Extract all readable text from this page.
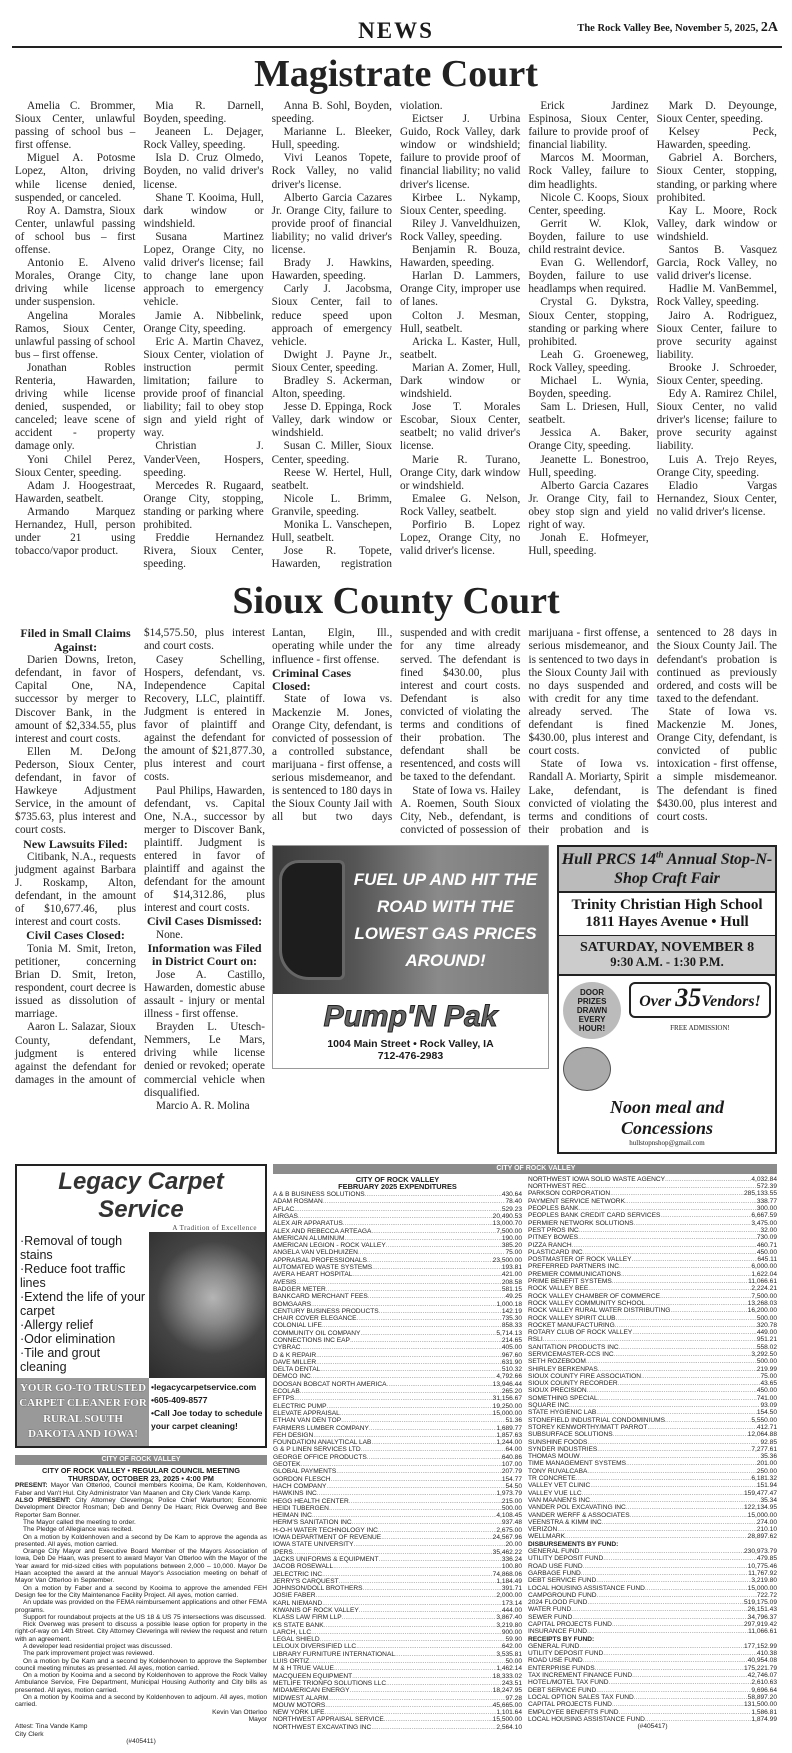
NEWS	The Rock Valley Bee, November 5, 2025, 2A
Magistrate Court

Amelia C. Brommer, Sioux Center, unlawful passing of school bus – first offense.

Miguel A. Potosme Lopez, Alton, driving while license denied, suspended, or canceled.

Roy A. Damstra, Sioux Center, unlawful passing of school bus – first offense.

Antonio E. Alveno Morales, Orange City, driving while license under suspension.

Angelina Morales Ramos, Sioux Center, unlawful passing of school bus – first offense.

Jonathan Robles Renteria, Hawarden, driving while license denied, suspended, or canceled; leave scene of accident - property damage only.

Yoni Chilel Perez, Sioux Center, speeding.

Adam J. Hoogestraat, Hawarden, seatbelt.

Armando Marquez Hernandez, Hull, person under 21 using tobacco/vapor product.

Mia R. Darnell, Boyden, speeding.

Jeaneen L. Dejager, Rock Valley, speeding.

Isla D. Cruz Olmedo, Boyden, no valid driver's license.

Shane T. Kooima, Hull, dark window or windshield.

Susana Martinez Lopez, Orange City, no valid driver's license; fail to change lane upon approach to emergency vehicle.

Jamie A. Nibbelink, Orange City, speeding.

Eric A. Martin Chavez, Sioux Center, violation of instruction permit limitation; failure to provide proof of financial liability; fail to obey stop sign and yield right of way.

Christian J. VanderVeen, Hospers, speeding.

Mercedes R. Rugaard, Orange City, stopping, standing or parking where prohibited.

Freddie Hernandez Rivera, Sioux Center, speeding.

Anna B. Sohl, Boyden, speeding.

Marianne L. Bleeker, Hull, speeding.

Vivi Leanos Topete, Rock Valley, no valid driver's license.

Alberto Garcia Cazares Jr. Orange City, failure to provide proof of financial liability; no valid driver's license.

Brady J. Hawkins, Hawarden, speeding.

Carly J. Jacobsma, Sioux Center, fail to reduce speed upon approach of emergency vehicle.

Dwight J. Payne Jr., Sioux Center, speeding.

Bradley S. Ackerman, Alton, speeding.

Jesse D. Eppinga, Rock Valley, dark window or windshield.

Susan C. Miller, Sioux Center, speeding.

Reese W. Hertel, Hull, seatbelt.

Nicole L. Brimm, Granvile, speeding.

Monika L. Vanschepen, Hull, seatbelt.

Jose R. Topete, Hawarden, registration violation.

Eictser J. Urbina Guido, Rock Valley, dark window or windshield; failure to provide proof of financial liability; no valid driver's license.

Kirbee L. Nykamp, Sioux Center, speeding.

Riley J. Vanveldhuizen, Rock Valley, speeding.

Benjamin R. Bouza, Hawarden, speeding.

Harlan D. Lammers, Orange City, improper use of lanes.

Colton J. Mesman, Hull, seatbelt.

Aricka L. Kaster, Hull, seatbelt.

Marian A. Zomer, Hull, Dark window or windshield.

Jose T. Morales Escobar, Sioux Center, seatbelt; no valid driver's license.

Marie R. Turano, Orange City, dark window or windshield.

Emalee G. Nelson, Rock Valley, seatbelt.

Porfirio B. Lopez Lopez, Orange City, no valid driver's license.

Erick Jardinez Espinosa, Sioux Center, failure to provide proof of financial liability.

Marcos M. Moorman, Rock Valley, failure to dim headlights.

Nicole C. Koops, Sioux Center, speeding.

Gerrit W. Klok, Boyden, failure to use child restraint device.

Evan G. Wellendorf, Boyden, failure to use headlamps when required.

Crystal G. Dykstra, Sioux Center, stopping, standing or parking where prohibited.

Leah G. Groeneweg, Rock Valley, speeding.

Michael L. Wynia, Boyden, speeding.

Sam L. Driesen, Hull, seatbelt.

Jessica A. Baker, Orange City, speeding.

Jeanette L. Bonestroo, Hull, speeding.

Alberto Garcia Cazares Jr. Orange City, fail to obey stop sign and yield right of way.

Jonah E. Hofmeyer, Hull, speeding.

Mark D. Deyounge, Sioux Center, speeding.

Kelsey Peck, Hawarden, speeding.

Gabriel A. Borchers, Sioux Center, stopping, standing, or parking where prohibited.

Kay L. Moore, Rock Valley, dark window or windshield.

Santos B. Vasquez Garcia, Rock Valley, no valid driver's license.

Hadlie M. VanBemmel, Rock Valley, speeding.

Jairo A. Rodriguez, Sioux Center, failure to prove security against liability.

Brooke J. Schroeder, Sioux Center, speeding.

Edy A. Ramirez Chilel, Sioux Center, no valid driver's license; failure to prove security against liability.

Luis A. Trejo Reyes, Orange City, speeding.

Eladio Vargas Hernandez, Sioux Center, no valid driver's license.

Sioux County Court
Filed in Small Claims Against:

Darien Downs, Ireton, defendant, in favor of Capital One, NA, successor by merger to Discover Bank, in the amount of $2,334.55, plus interest and court costs.

Ellen M. DeJong Pederson, Sioux Center, defendant, in favor of Hawkeye Adjustment Service, in the amount of $735.63, plus interest and court costs.

New Lawsuits Filed:

Citibank, N.A., requests judgment against Barbara J. Roskamp, Alton, defendant, in the amount of $10,677.46, plus interest and court costs.

Civil Cases Closed:

Tonia M. Smit, Ireton, petitioner, concerning Brian D. Smit, Ireton, respondent, court decree is issued as dissolution of marriage.

Aaron L. Salazar, Sioux County, defendant, judgment is entered against the defendant for damages in the amount of $14,575.50, plus interest and court costs.

Casey Schelling, Hospers, defendant, vs. Independence Capital Recovery, LLC, plaintiff. Judgment is entered in favor of plaintiff and against the defendant for the amount of $21,877.30, plus interest and court costs.

Paul Philips, Hawarden, defendant, vs. Capital One, N.A., successor by merger to Discover Bank, plaintiff. Judgment is entered in favor of plaintiff and against the defendant for the amount of $14,312.86, plus interest and court costs.

Civil Cases Dismissed:

None.

Information was Filed in District Court on:

Jose A. Castillo, Hawarden, domestic abuse assault - injury or mental illness - first offense.

Brayden L. Utesch-Nemmers, Le Mars, driving while license denied or revoked; operate commercial vehicle when disqualified.

Marcio A. R. Molina

Lantan, Elgin, Ill., operating while under the influence - first offense.

Criminal Cases Closed:

State of Iowa vs. Mackenzie M. Jones, Orange City, defendant, is convicted of possession of a controlled substance, marijuana - first offense, a serious misdemeanor, and is sentenced to 180 days in the Sioux County Jail with all but two days suspended and with credit for any time already served. The defendant is fined $430.00, plus interest and court costs. Defendant is also convicted of violating the terms and conditions of their probation. The defendant shall be resentenced, and costs will be taxed to the defendant.

State of Iowa vs. Hailey A. Roemen, South Sioux City, Neb., defendant, is convicted of possession of marijuana - first offense, a serious misdemeanor, and is sentenced to two days in the Sioux County Jail with no days suspended and with credit for any time already served. The defendant is fined $430.00, plus interest and court costs.

State of Iowa vs. Randall A. Moriarty, Spirit Lake, defendant, is convicted of violating the terms and conditions of their probation and is sentenced to 28 days in the Sioux County Jail. The defendant's probation is continued as previously ordered, and costs will be taxed to the defendant.

State of Iowa vs. Mackenzie M. Jones, Orange City, defendant, is convicted of public intoxication - first offense, a simple misdemeanor. The defendant is fined $430.00, plus interest and court costs.

FUEL UP AND HIT THE ROAD WITH THE LOWEST GAS PRICES AROUND!
Pump'N Pak
1004 Main Street • Rock Valley, IA
712-476-2983
Hull PRCS 14th Annual Stop-N-Shop Craft Fair
Trinity Christian High School
1811 Hayes Avenue • Hull
SATURDAY, NOVEMBER 8
9:30 A.M. - 1:30 P.M.
DOOR PRIZES DRAWN EVERY HOUR!
Over 35Vendors!
FREE ADMISSION!
Noon meal and Concessions
hullstopnshop@gmail.com
Legacy Carpet Service
A Tradition of Excellence
·Removal of tough stains
·Reduce foot traffic lines
·Extend the life of your carpet
·Allergy relief
·Odor elimination
·Tile and grout cleaning
YOUR GO-TO TRUSTED CARPET CLEANER FOR RURAL SOUTH DAKOTA AND IOWA!
•legacycarpetservice.com
•605-409-8577
•Call Joe today to schedule your carpet cleaning!
CITY OF ROCK VALLEY
CITY OF ROCK VALLEY • REGULAR COUNCIL MEETING
THURSDAY, OCTOBER 23, 2025 • 4:00 PM

PRESENT: Mayor Van Otterloo, Council members Kooima, De Kam, Koldenhoven, Faber and Van't Hul. City Administrator Van Maanen and City Clerk Vande Kamp.

ALSO PRESENT: City Attorney Cleveringa; Police Chief Warburton; Economic Development Director Rosman; Deb and Denny De Haan; Rick Overweg and Bee Reporter Sam Bonner.

The Mayor called the meeting to order.

The Pledge of Allegiance was recited.

On a motion by Koldenhoven and a second by De Kam to approve the agenda as presented. All ayes, motion carried.

Orange City Mayor and Executive Board Member of the Mayors Association of Iowa, Deb De Haan, was present to award Mayor Van Otterloo with the Mayor of the Year award for mid-sized cities with populations between 2,000 – 10,000. Mayor De Haan accepted the award at the annual Mayor's Association meeting on behalf of Mayor Van Otterloo in September.

On a motion by Faber and a second by Kooima to approve the amended FEH Design fee for the City Maintenance Facility Project. All ayes, motion carried.

An update was provided on the FEMA reimbursement applications and other FEMA programs.

Support for roundabout projects at the US 18 & US 75 intersections was discussed.

Rick Overweg was present to discuss a possible lease option for property in the right-of-way on 14th Street. City Attorney Cleveringa will review the request and return with an agreement.

A developer lead residential project was discussed.

The park improvement project was reviewed.

On a motion by De Kam and a second by Koldenhoven to approve the September council meeting minutes as presented. All ayes, motion carried.

On a motion by Kooima and a second by Koldenhoven to approve the Rock Valley Ambulance Service, Fire Department, Municipal Housing Authority and City bills as presented. All ayes, motion carried.

On a motion by Kooima and a second by Koldenhoven to adjourn. All ayes, motion carried.

Kevin Van Otterloo
Mayor
Attest: Tina Vande Kamp
City Clerk
(#405411)
CITY OF ROCK VALLEY
CITY OF ROCK VALLEY
FEBRUARY 2025 EXPENDITURES
A & B BUSINESS SOLUTIONS .....	430.64
ADAM ROSMAN .....	78.40
AFLAC .....	529.23
AIRGAS .....	20,490.53
ALEX AIR APPARATUS .....	13,000.70
ALEX AND REBECCA ARTEAGA .....	7,500.00
AMERICAN ALUMINUM .....	190.00
AMERICAN LEGION - ROCK VALLEY .....	385.20
ANGELA VAN VELDHUIZEN .....	75.00
APPRAISAL PROFESSIONALS .....	23,500.00
AUTOMATED WASTE SYSTEMS .....	193.81
AVERA HEART HOSPITAL .....	421.00
AVESIS .....	208.58
BADGER METER .....	581.15
BANKCARD MERCHANT FEES .....	49.25
BOMGAARS .....	1,000.18
CENTURY BUSINESS PRODUCTS .....	142.19
CHAIR COVER ELEGANCE .....	735.30
COLONIAL LIFE .....	858.33
COMMUNITY OIL COMPANY .....	5,714.13
CONNECTIONS INC EAP .....	214.65
CYBRAC .....	405.00
D & K REPAIR .....	967.60
DAVE MILLER .....	631.90
DELTA DENTAL .....	510.32
DEMCO INC .....	4,792.66
DOOSAN BOBCAT NORTH AMERICA .....	13,946.44
ECOLAB .....	265.20
EFTPS .....	31,156.67
ELECTRIC PUMP .....	19,250.00
ELEVATE APPRAISAL .....	15,000.00
ETHAN VAN DEN TOP .....	51.36
FARMERS LUMBER COMPANY .....	1,689.77
FEH DESIGN .....	1,857.63
FOUNDATION ANALYTICAL LAB .....	1,244.00
G & P LINEN SERVICES LTD .....	64.00
GEORGE OFFICE PRODUCTS .....	640.86
GEOTEK .....	107.00
GLOBAL PAYMENTS .....	207.79
GORDON FLESCH .....	154.77
HACH COMPANY .....	54.50
HAWKINS INC .....	1,973.79
HEGG HEALTH CENTER .....	215.00
HEIDI TUBERGEN .....	500.00
HEIMAN INC .....	4,108.45
HERM'S SANITATION INC .....	937.48
H-O-H WATER TECHNOLOGY INC .....	2,675.00
IOWA DEPARTMENT OF REVENUE .....	24,567.96
IOWA STATE UNIVERSITY .....	20.00
IPERS .....	35,462.22
JACKS UNIFORMS & EQUIPMENT .....	336.24
JACOB ROSEWALL .....	100.80
JELECTRIC INC .....	74,868.06
JERRY'S CARQUEST .....	1,184.49
JOHNSON/DOLL BROTHERS .....	391.71
JOSIE FABER .....	2,000.00
KARL NIEMAND .....	173.14
KIWANIS OF ROCK VALLEY .....	444.00
KLASS LAW FIRM LLP .....	3,867.40
KS STATE BANK .....	3,219.80
LARCH, LLC .....	900.00
LEGAL SHIELD .....	59.90
LELOUX DIVERSIFIED LLC .....	642.00
LIBRARY FURNITURE INTERNATIONAL .....	3,535.81
LUIS ORTIZ .....	50.00
M & H TRUE VALUE .....	1,462.14
MACQUEEN EQUIPMENT .....	18,333.02
METLIFE TRIONFO SOLUTIONS LLC .....	243.51
MIDAMERICAN ENERGY .....	18,247.95
MIDWEST ALARM .....	97.28
MOUW MOTORS .....	45,665.00
NEW YORK LIFE .....	1,101.64
NORTHWEST APPRAISAL SERVICE .....	15,500.00
NORTHWEST EXCAVATING INC .....	2,564.10
NORTHWEST IOWA SOLID WASTE AGENCY .....	4,032.84
NORTHWEST REC .....	572.39
PARKSON CORPORATION .....	285,133.55
PAYMENT SERVICE NETWORK .....	338.77
PEOPLES BANK .....	300.00
PEOPLES BANK CREDIT CARD SERVICES .....	6,667.59
PERMIER NETWORK SOLUTIONS .....	3,475.00
PEST PROS INC .....	32.00
PITNEY BOWES .....	730.09
PIZZA RANCH .....	460.71
PLASTICARD INC .....	450.00
POSTMASTER OF ROCK VALLEY .....	645.11
PREFERRED PARTNERS INC .....	6,000.00
PREMIER COMMUNICATIONS .....	1,622.04
PRIME BENEFIT SYSTEMS .....	11,066.61
ROCK VALLEY BEE .....	2,224.21
ROCK VALLEY CHAMBER OF COMMERCE .....	7,500.00
ROCK VALLEY COMMUNITY SCHOOL .....	13,268.03
ROCK VALLEY RURAL WATER DISTRIBUTING .....	16,200.00
ROCK VALLEY SPIRIT CLUB .....	500.00
ROCKET MANUFACTURING .....	320.78
ROTARY CLUB OF ROCK VALLEY .....	449.00
RSLI .....	951.21
SANITATION PRODUCTS INC .....	558.02
SERVICEMASTER-CCS INC .....	3,292.50
SETH ROZEBOOM .....	500.00
SHIRLEY BERKENPAS .....	219.99
SIOUX COUNTY FIRE ASSOCIATION .....	75.00
SIOUX COUNTY RECORDER .....	43.65
SIOUX PRECISION .....	450.00
SOMETHING SPECIAL .....	741.00
SQUARE INC .....	93.09
STATE HYGIENIC LAB .....	154.50
STONEFIELD INDUSTRIAL CONDOMINIUMS .....	5,550.00
STOREY KENWORTHY/MATT PARROT .....	412.71
SUBSURFACE SOLUTIONS .....	12,064.88
SUNSHINE FOODS .....	92.85
SYNDER INDUSTRIES .....	7,277.61
THOMAS MOUW .....	35.36
TIME MANAGEMENT SYSTEMS .....	201.00
TONY RUVALCABA .....	250.00
TR CONCRETE .....	6,181.32
VALLEY VET CLINIC .....	151.94
VALLEY VUE LLC .....	159,477.47
VAN MAANEN'S INC .....	35.34
VANDER POL EXCAVATING INC .....	122,134.95
VANDER WERFF & ASSOCIATES .....	15,000.00
VEENSTRA & KIMM INC .....	274.00
VERIZON .....	210.10
WELLMARK .....	28,897.62
DISBURSEMENTS BY FUND:
GENERAL FUND .....	230,973.79
UTILITY DEPOSIT FUND .....	479.85
ROAD USE FUND .....	10,775.46
GARBAGE FUND .....	11,767.92
DEBT SERVICE FUND .....	3,219.80
LOCAL HOUSING ASSISTANCE FUND .....	15,000.00
CAMPGROUND FUND .....	722.72
2024 FLOOD FUND .....	519,175.09
WATER FUND .....	26,151.43
SEWER FUND .....	34,796.37
CAPITAL PROJECTS FUND .....	297,919.42
INSURANCE FUND .....	11,066.61
RECEIPTS BY FUND:
GENERAL FUND .....	177,152.99
UTILITY DEPOSIT FUND .....	410.38
ROAD USE FUND .....	40,954.08
ENTERPRISE FUNDS .....	175,221.79
TAX INCREMENT FINANCE FUND .....	42,746.07
HOTEL/MOTEL TAX FUND .....	2,610.63
DEBT SERVICE FUND .....	9,696.64
LOCAL OPTION SALES TAX FUND .....	58,897.20
CAPITAL PROJECTS FUND .....	131,500.00
EMPLOYEE BENEFITS FUND .....	1,586.81
LOCAL HOUSING ASSISTANCE FUND .....	1,874.99
(#405417)
